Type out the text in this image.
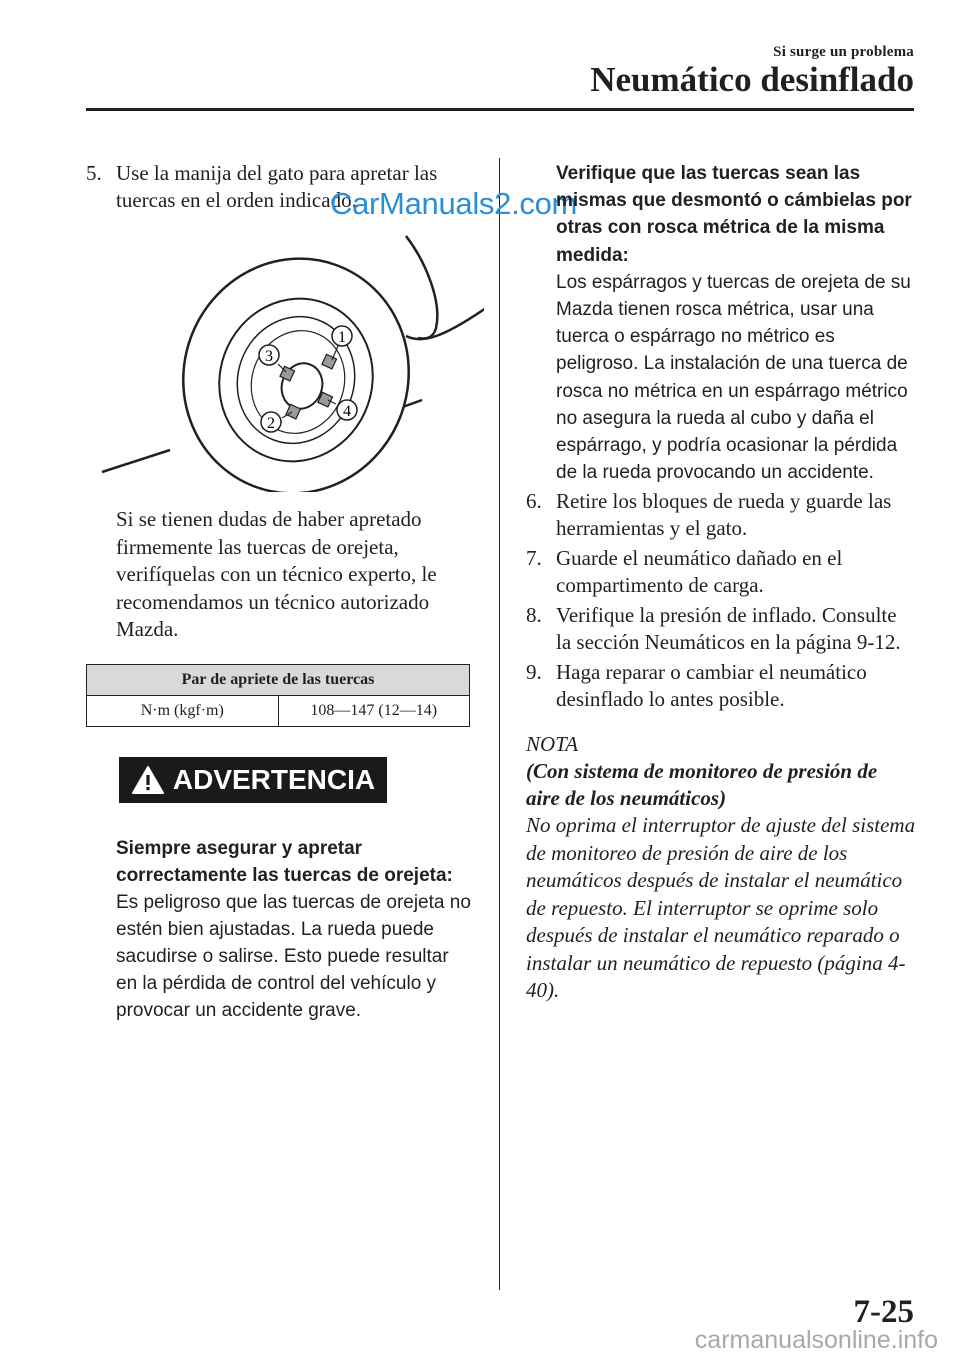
Si surge un problema
Neumático desinflado
5. Use la manija del gato para apretar las tuercas en el orden indicado.
1
2
3
4
Si se tienen dudas de haber apretado firmemente las tuercas de orejeta, verifíquelas con un técnico experto, le recomendamos un técnico autorizado Mazda.
Par de apriete de las tuercas
N·m (kgf·m)	108—147 (12—14)
ADVERTENCIA
Siempre asegurar y apretar correctamente las tuercas de orejeta:
Es peligroso que las tuercas de orejeta no estén bien ajustadas. La rueda puede sacudirse o salirse. Esto puede resultar en la pérdida de control del vehículo y provocar un accidente grave.
CarManuals2.com
Verifique que las tuercas sean las mismas que desmontó o cámbielas por otras con rosca métrica de la misma medida:
Los espárragos y tuercas de orejeta de su Mazda tienen rosca métrica, usar una tuerca o espárrago no métrico es peligroso. La instalación de una tuerca de rosca no métrica en un espárrago métrico no asegura la rueda al cubo y daña el espárrago, y podría ocasionar la pérdida de la rueda provocando un accidente.
6. Retire los bloques de rueda y guarde las herramientas y el gato.
7. Guarde el neumático dañado en el compartimento de carga.
8. Verifique la presión de inflado. Consulte la sección Neumáticos en la página 9-12.
9. Haga reparar o cambiar el neumático desinflado lo antes posible.
NOTA
(Con sistema de monitoreo de presión de aire de los neumáticos)
No oprima el interruptor de ajuste del sistema de monitoreo de presión de aire de los neumáticos después de instalar el neumático de repuesto. El interruptor se oprime solo después de instalar el neumático reparado o instalar un neumático de repuesto (página 4-40).
7-25
carmanualsonline.info
